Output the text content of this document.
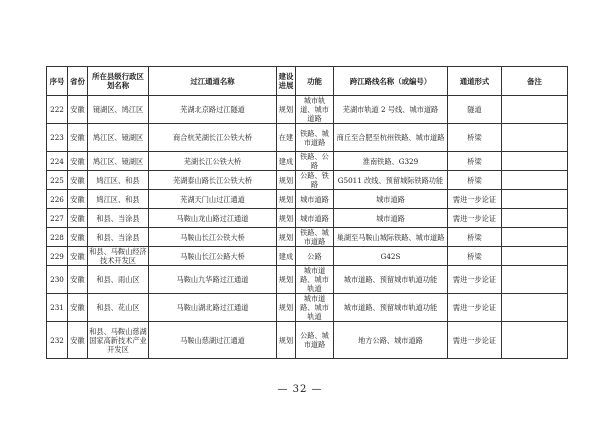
序号	省份	所在县级行政区划名称	过江通道名称	建设进展	功能	跨江路线名称（或编号）	通道形式	备注
222	安徽	镜湖区、鸠江区	芜湖北京路过江隧道	规划	城市轨道、城市道路	芜湖市轨道 2 号线、城市道路	隧道	
223	安徽	鸠江区、镜湖区	商合杭芜湖长江公铁大桥	在建	铁路、城市道路	商丘至合肥至杭州铁路、城市道路	桥梁	
224	安徽	鸠江区、镜湖区	芜湖长江公铁大桥	建成	铁路、公路	淮南铁路、G329	桥梁	
225	安徽	鸠江区、和县	芜湖泰山路长江公铁大桥	规划	公路、铁路	G5011 改线、预留城际铁路功能	桥梁	
226	安徽	鸠江区、和县	芜湖天门山过江通道	规划	城市道路	城市道路	需进一步论证	
227	安徽	和县、当涂县	马鞍山龙山路过江通道	规划	城市道路	城市道路	需进一步论证	
228	安徽	和县、当涂县	马鞍山长江公铁大桥	规划	铁路、城市道路	巢湖至马鞍山城际铁路、城市道路	桥梁	
229	安徽	和县、马鞍山经济技术开发区	马鞍山长江公路大桥	建成	公路	G42S	桥梁	
230	安徽	和县、雨山区	马鞍山九华路过江通道	规划	城市道路、城市轨道	城市道路、预留城市轨道功能	需进一步论证	
231	安徽	和县、花山区	马鞍山湖北路过江通道	规划	城市道路、城市轨道	城市道路、预留城市轨道功能	需进一步论证	
232	安徽	和县、马鞍山慈湖国家高新技术产业开发区	马鞍山慈湖过江通道	规划	公路、城市道路	地方公路、城市道路	需进一步论证	
— 32 —
